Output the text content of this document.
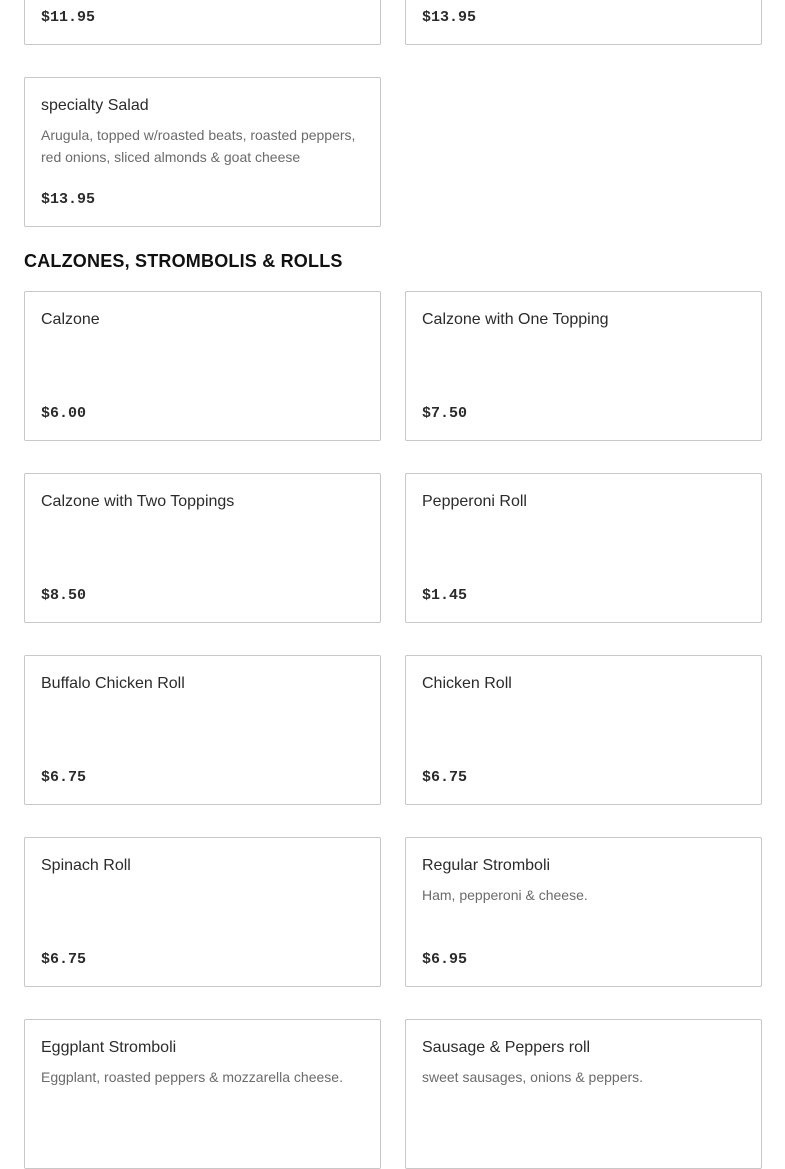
$11.95	$13.95
specialty Salad

Arugula, topped w/roasted beats, roasted peppers, red onions, sliced almonds & goat cheese

$13.95
CALZONES, STROMBOLIS & ROLLS
Calzone

$6.00
Calzone with One Topping

$7.50
Calzone with Two Toppings

$8.50
Pepperoni Roll

$1.45
Buffalo Chicken Roll

$6.75
Chicken Roll

$6.75
Spinach Roll

$6.75
Regular Stromboli

Ham, pepperoni & cheese.

$6.95
Eggplant Stromboli

Eggplant, roasted peppers & mozzarella cheese.

Sausage & Peppers roll

sweet sausages, onions & peppers.
